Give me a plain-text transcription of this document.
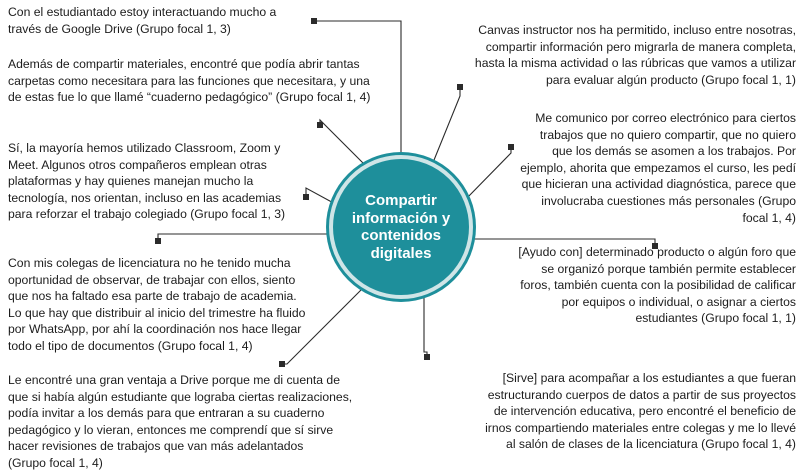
Compartir
información y
contenidos
digitales

Con el estudiantado estoy interactuando mucho a
través de Google Drive (Grupo focal 1, 3)

Además de compartir materiales, encontré que podía abrir tantas
carpetas como necesitara para las funciones que necesitara, y una
de estas fue lo que llamé “cuaderno pedagógico” (Grupo focal 1, 4)

Sí, la mayoría hemos utilizado Classroom, Zoom y
Meet. Algunos otros compañeros emplean otras
plataformas y hay quienes manejan mucho la
tecnología, nos orientan, incluso en las academias
para reforzar el trabajo colegiado (Grupo focal 1, 3)

Con mis colegas de licenciatura no he tenido mucha
oportunidad de observar, de trabajar con ellos, siento
que nos ha faltado esa parte de trabajo de academia.
Lo que hay que distribuir al inicio del trimestre ha fluido
por WhatsApp, por ahí la coordinación nos hace llegar
todo el tipo de documentos (Grupo focal 1, 4)

Le encontré una gran ventaja a Drive porque me di cuenta de
que si había algún estudiante que lograba ciertas realizaciones,
podía invitar a los demás para que entraran a su cuaderno
pedagógico y lo vieran, entonces me comprendí que sí sirve
hacer revisiones de trabajos que van más adelantados
(Grupo focal 1, 4)

Canvas instructor nos ha permitido, incluso entre nosotras,
compartir información pero migrarla de manera completa,
hasta la misma actividad o las rúbricas que vamos a utilizar
para evaluar algún producto (Grupo focal 1, 1)

Me comunico por correo electrónico para ciertos
trabajos que no quiero compartir, que no quiero
que los demás se asomen a los trabajos. Por
ejemplo, ahorita que empezamos el curso, les pedí
que hicieran una actividad diagnóstica, parece que
involucraba cuestiones más personales (Grupo
focal 1, 4)

[Ayudo con] determinado producto o algún foro que
se organizó porque también permite establecer
foros, también cuenta con la posibilidad de calificar
por equipos o individual, o asignar a ciertos
estudiantes (Grupo focal 1, 1)

[Sirve] para acompañar a los estudiantes a que fueran
estructurando cuerpos de datos a partir de sus proyectos
de intervención educativa, pero encontré el beneficio de
irnos compartiendo materiales entre colegas y me lo llevé
al salón de clases de la licenciatura (Grupo focal 1, 4)
